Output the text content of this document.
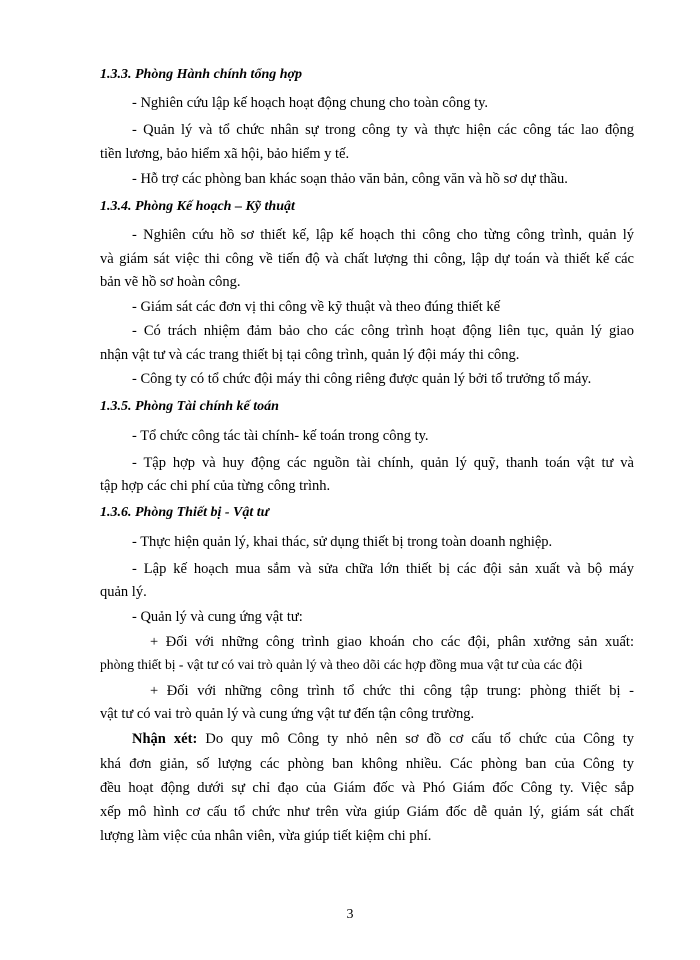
1.3.3. Phòng Hành chính tổng hợp

- Nghiên cứu lập kế hoạch hoạt động chung cho toàn công ty.

- Quản lý và tổ chức nhân sự trong công ty và thực hiện các công tác lao động

tiền lương, bảo hiểm xã hội, bảo hiểm y tế.

- Hỗ trợ các phòng ban khác soạn thảo văn bản, công văn và hồ sơ dự thầu.

1.3.4. Phòng Kế hoạch – Kỹ thuật

- Nghiên cứu hồ sơ thiết kế, lập kế hoạch thi công cho từng công trình, quản lý

và giám sát việc thi công về tiến độ và chất lượng thi công, lập dự toán và thiết kế các

bản vẽ hồ sơ hoàn công.

- Giám sát các đơn vị thi công về kỹ thuật và theo đúng thiết kế

- Có trách nhiệm đảm bảo cho các công trình hoạt động liên tục, quản lý giao

nhận vật tư và các trang thiết bị tại công trình, quản lý đội máy thi công.

- Công ty có tổ chức đội máy thi công riêng được quản lý bởi tổ trưởng tổ máy.

1.3.5. Phòng Tài chính kế toán

- Tổ chức công tác tài chính- kế toán trong công ty.

- Tập hợp và huy động các nguồn tài chính, quản lý quỹ, thanh toán vật tư và

tập hợp các chi phí của từng công trình.

1.3.6. Phòng Thiết bị - Vật tư

- Thực hiện quản lý, khai thác, sử dụng thiết bị trong toàn doanh nghiệp.

- Lập kế hoạch mua sắm và sửa chữa lớn thiết bị các đội sản xuất và bộ máy

quản lý.

- Quản lý và cung ứng vật tư:

+ Đối với những công trình giao khoán cho các đội, phân xưởng sản xuất:

phòng thiết bị - vật tư có vai trò quản lý và theo dõi các hợp đồng mua vật tư của các đội

+ Đối với những công trình tổ chức thi công tập trung: phòng thiết bị -

vật tư có vai trò quản lý và cung ứng vật tư đến tận công trường.

Nhận xét: Do quy mô Công ty nhỏ nên sơ đồ cơ cấu tổ chức của Công ty

khá đơn giản, số lượng các phòng ban không nhiều. Các phòng ban của Công ty

đều hoạt động dưới sự chỉ đạo của Giám đốc và Phó Giám đốc Công ty. Việc sắp

xếp mô hình cơ cấu tổ chức như trên vừa giúp Giám đốc dễ quản lý, giám sát chất

lượng làm việc của nhân viên, vừa giúp tiết kiệm chi phí.

3
